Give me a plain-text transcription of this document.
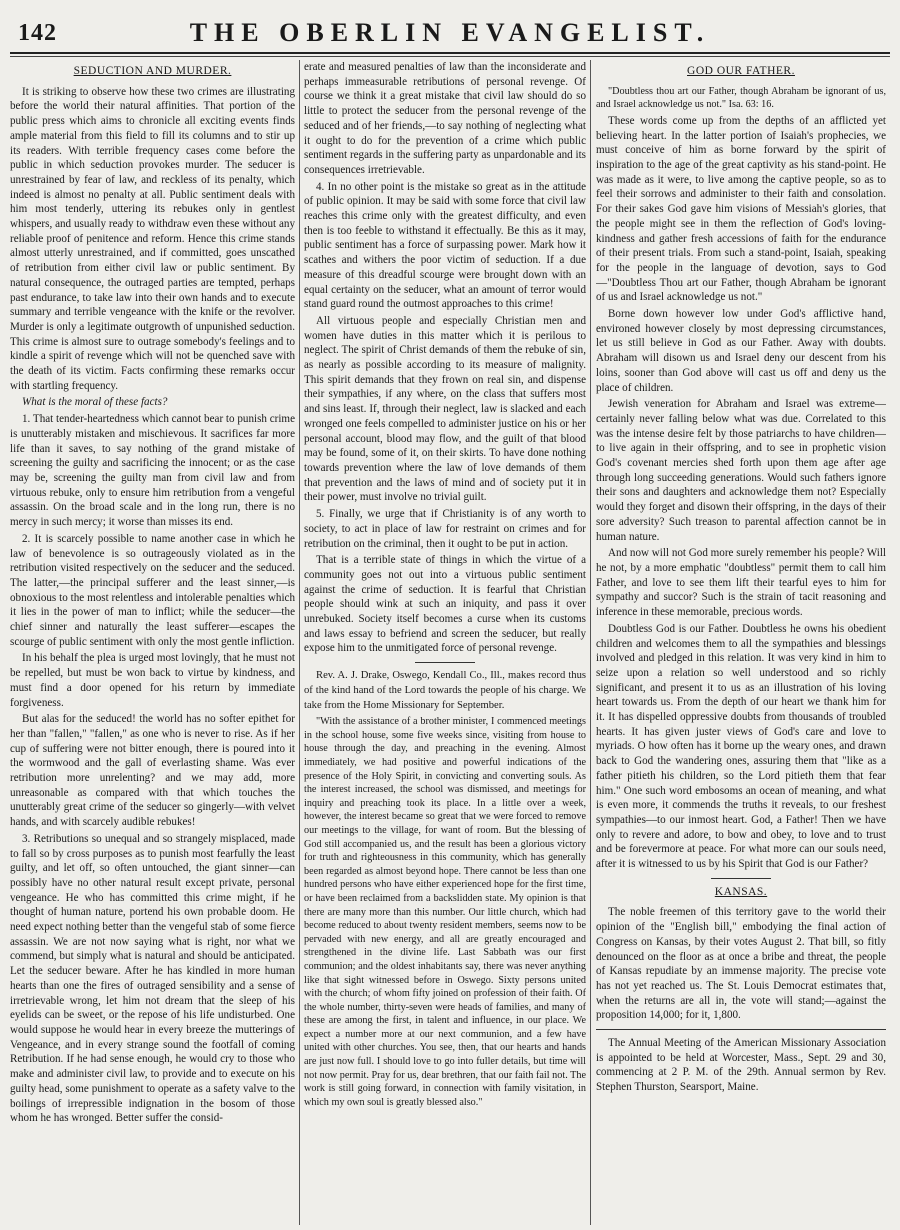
142	THE OBERLIN EVANGELIST.
SEDUCTION AND MURDER.

It is striking to observe how these two crimes are illustrating before the world their natural affinities. That portion of the public press which aims to chronicle all exciting events finds ample material from this field to fill its columns and to stir up its readers. With terrible frequency cases come before the public in which seduction provokes murder. The seducer is unrestrained by fear of law, and reckless of its penalty, which indeed is almost no penalty at all. Public sentiment deals with him most tenderly, uttering its rebukes only in gentlest whispers, and usually ready to withdraw even these without any reliable proof of penitence and reform. Hence this crime stands almost utterly unrestrained, and if committed, goes unscathed of retribution from either civil law or public sentiment. By natural consequence, the outraged parties are tempted, perhaps past endurance, to take law into their own hands and to execute summary and terrible vengeance with the knife or the revolver. Murder is only a legitimate outgrowth of unpunished seduction. This crime is almost sure to outrage somebody's feelings and to kindle a spirit of revenge which will not be quenched save with the death of its victim. Facts confirming these remarks occur with startling frequency.

What is the moral of these facts?

1. That tender-heartedness which cannot bear to punish crime is unutterably mistaken and mischievous. It sacrifices far more life than it saves, to say nothing of the grand mistake of screening the guilty and sacrificing the innocent; or as the case may be, screening the guilty man from civil law and from virtuous rebuke, only to ensure him retribution from a vengeful assassin. On the broad scale and in the long run, there is no mercy in such mercy; it worse than misses its end.

2. It is scarcely possible to name another case in which he law of benevolence is so outrageously violated as in the retribution visited respectively on the seducer and the seduced. The latter,—the principal sufferer and the least sinner,—is obnoxious to the most relentless and intolerable penalties which it lies in the power of man to inflict; while the seducer—the chief sinner and naturally the least sufferer—escapes the scourge of public sentiment with only the most gentle infliction.

In his behalf the plea is urged most lovingly, that he must not be repelled, but must be won back to virtue by kindness, and must find a door opened for his return by immediate forgiveness.

But alas for the seduced! the world has no softer epithet for her than "fallen," "fallen," as one who is never to rise. As if her cup of suffering were not bitter enough, there is poured into it the wormwood and the gall of everlasting shame. Was ever retribution more unrelenting? and we may add, more unreasonable as compared with that which touches the unutterably great crime of the seducer so gingerly—with velvet hands, and with scarcely audible rebukes!

3. Retributions so unequal and so strangely misplaced, made to fall so by cross purposes as to punish most fearfully the least guilty, and let off, so often untouched, the giant sinner—can possibly have no other natural result except private, personal vengeance. He who has committed this crime might, if he thought of human nature, portend his own probable doom. He need expect nothing better than the vengeful stab of some fierce assassin. We are not now saying what is right, nor what we commend, but simply what is natural and should be anticipated. Let the seducer beware. After he has kindled in more human hearts than one the fires of outraged sensibility and a sense of irretrievable wrong, let him not dream that the sleep of his eyelids can be sweet, or the repose of his life undisturbed. One would suppose he would hear in every breeze the mutterings of Vengeance, and in every strange sound the footfall of coming Retribution. If he had sense enough, he would cry to those who make and administer civil law, to provide and to execute on his guilty head, some punishment to operate as a safety valve to the boilings of irrepressible indignation in the bosom of those whom he has wronged. Better suffer the consid-

erate and measured penalties of law than the inconsiderate and perhaps immeasurable retributions of personal revenge. Of course we think it a great mistake that civil law should do so little to protect the seducer from the personal revenge of the seduced and of her friends,—to say nothing of neglecting what it ought to do for the prevention of a crime which public sentiment regards in the suffering party as unpardonable and its consequences irretrievable.

4. In no other point is the mistake so great as in the attitude of public opinion. It may be said with some force that civil law reaches this crime only with the greatest difficulty, and even then is too feeble to withstand it effectually. Be this as it may, public sentiment has a force of surpassing power. Mark how it scathes and withers the poor victim of seduction. If a due measure of this dreadful scourge were brought down with an equal certainty on the seducer, what an amount of terror would stand guard round the outmost approaches to this crime!

All virtuous people and especially Christian men and women have duties in this matter which it is perilous to neglect. The spirit of Christ demands of them the rebuke of sin, as nearly as possible according to its measure of malignity. This spirit demands that they frown on real sin, and dispense their sympathies, if any where, on the class that suffers most and sins least. If, through their neglect, law is slacked and each wronged one feels compelled to administer justice on his or her personal account, blood may flow, and the guilt of that blood may be found, some of it, on their skirts. To have done nothing towards prevention where the law of love demands of them that prevention and the laws of mind and of society put it in their power, must involve no trivial guilt.

5. Finally, we urge that if Christianity is of any worth to society, to act in place of law for restraint on crimes and for retribution on the criminal, then it ought to be put in action.

That is a terrible state of things in which the virtue of a community goes not out into a virtuous public sentiment against the crime of seduction. It is fearful that Christian people should wink at such an iniquity, and pass it over unrebuked. Society itself becomes a curse when its customs and laws essay to befriend and screen the seducer, but really expose him to the unmitigated force of personal revenge.

Rev. A. J. Drake, Oswego, Kendall Co., Ill., makes record thus of the kind hand of the Lord towards the people of his charge. We take from the Home Missionary for September.

"With the assistance of a brother minister, I commenced meetings in the school house, some five weeks since, visiting from house to house through the day, and preaching in the evening. Almost immediately, we had positive and powerful indications of the presence of the Holy Spirit, in convicting and converting souls. As the interest increased, the school was dismissed, and meetings for inquiry and preaching took its place. In a little over a week, however, the interest became so great that we were forced to remove our meetings to the village, for want of room. But the blessing of God still accompanied us, and the result has been a glorious victory for truth and righteousness in this community, which has generally been regarded as almost beyond hope. There cannot be less than one hundred persons who have either experienced hope for the first time, or have been reclaimed from a backslidden state. My opinion is that there are many more than this number. Our little church, which had become reduced to about twenty resident members, seems now to be pervaded with new energy, and all are greatly encouraged and strengthened in the divine life. Last Sabbath was our first communion; and the oldest inhabitants say, there was never anything like that sight witnessed before in Oswego. Sixty persons united with the church; of whom fifty joined on profession of their faith. Of the whole number, thirty-seven were heads of families, and many of these are among the first, in talent and influence, in our place. We expect a number more at our next communion, and a few have united with other churches. You see, then, that our hearts and hands are just now full. I should love to go into fuller details, but time will not now permit. Pray for us, dear brethren, that our faith fail not. The work is still going forward, in connection with family visitation, in which my own soul is greatly blessed also."

GOD OUR FATHER.

"Doubtless thou art our Father, though Abraham be ignorant of us, and Israel acknowledge us not." Isa. 63: 16.

These words come up from the depths of an afflicted yet believing heart. In the latter portion of Isaiah's prophecies, we must conceive of him as borne forward by the spirit of inspiration to the age of the great captivity as his stand-point. He was made as it were, to live among the captive people, so as to feel their sorrows and administer to their faith and consolation. For their sakes God gave him visions of Messiah's glories, that the people might see in them the reflection of God's loving-kindness and gather fresh accessions of faith for the endurance of their present trials. From such a stand-point, Isaiah, speaking for the people in the language of devotion, says to God—"Doubtless Thou art our Father, though Abraham be ignorant of us and Israel acknowledge us not."

Borne down however low under God's afflictive hand, environed however closely by most depressing circumstances, let us still believe in God as our Father. Away with doubts. Abraham will disown us and Israel deny our descent from his loins, sooner than God above will cast us off and deny us the place of children.

Jewish veneration for Abraham and Israel was extreme—certainly never falling below what was due. Correlated to this was the intense desire felt by those patriarchs to have children—to live again in their offspring, and to see in prophetic vision God's covenant mercies shed forth upon them age after age through long succeeding generations. Would such fathers ignore their sons and daughters and acknowledge them not? Especially would they forget and disown their offspring, in the days of their sore adversity? Such treason to parental affection cannot be in human nature.

And now will not God more surely remember his people? Will he not, by a more emphatic "doubtless" permit them to call him Father, and love to see them lift their tearful eyes to him for sympathy and succor? Such is the strain of tacit reasoning and inference in these memorable, precious words.

Doubtless God is our Father. Doubtless he owns his obedient children and welcomes them to all the sympathies and blessings involved and pledged in this relation. It was very kind in him to seize upon a relation so well understood and so richly significant, and present it to us as an illustration of his loving heart towards us. From the depth of our heart we thank him for it. It has dispelled oppressive doubts from thousands of troubled hearts. It has given juster views of God's care and love to myriads. O how often has it borne up the weary ones, and drawn back to God the wandering ones, assuring them that "like as a father pitieth his children, so the Lord pitieth them that fear him." One such word embosoms an ocean of meaning, and what is even more, it commends the truths it reveals, to our freshest sympathies—to our inmost heart. God, a Father! Then we have only to revere and adore, to bow and obey, to love and to trust and be forevermore at peace. For what more can our souls need, after it is witnessed to us by his Spirit that God is our Father?

KANSAS.

The noble freemen of this territory gave to the world their opinion of the "English bill," embodying the final action of Congress on Kansas, by their votes August 2. That bill, so fitly denounced on the floor as at once a bribe and threat, the people of Kansas repudiate by an immense majority. The precise vote has not yet reached us. The St. Louis Democrat estimates that, when the returns are all in, the vote will stand;—against the proposition 14,000; for it, 1,800.

The Annual Meeting of the American Missionary Association is appointed to be held at Worcester, Mass., Sept. 29 and 30, commencing at 2 P. M. of the 29th. Annual sermon by Rev. Stephen Thurston, Searsport, Maine.
